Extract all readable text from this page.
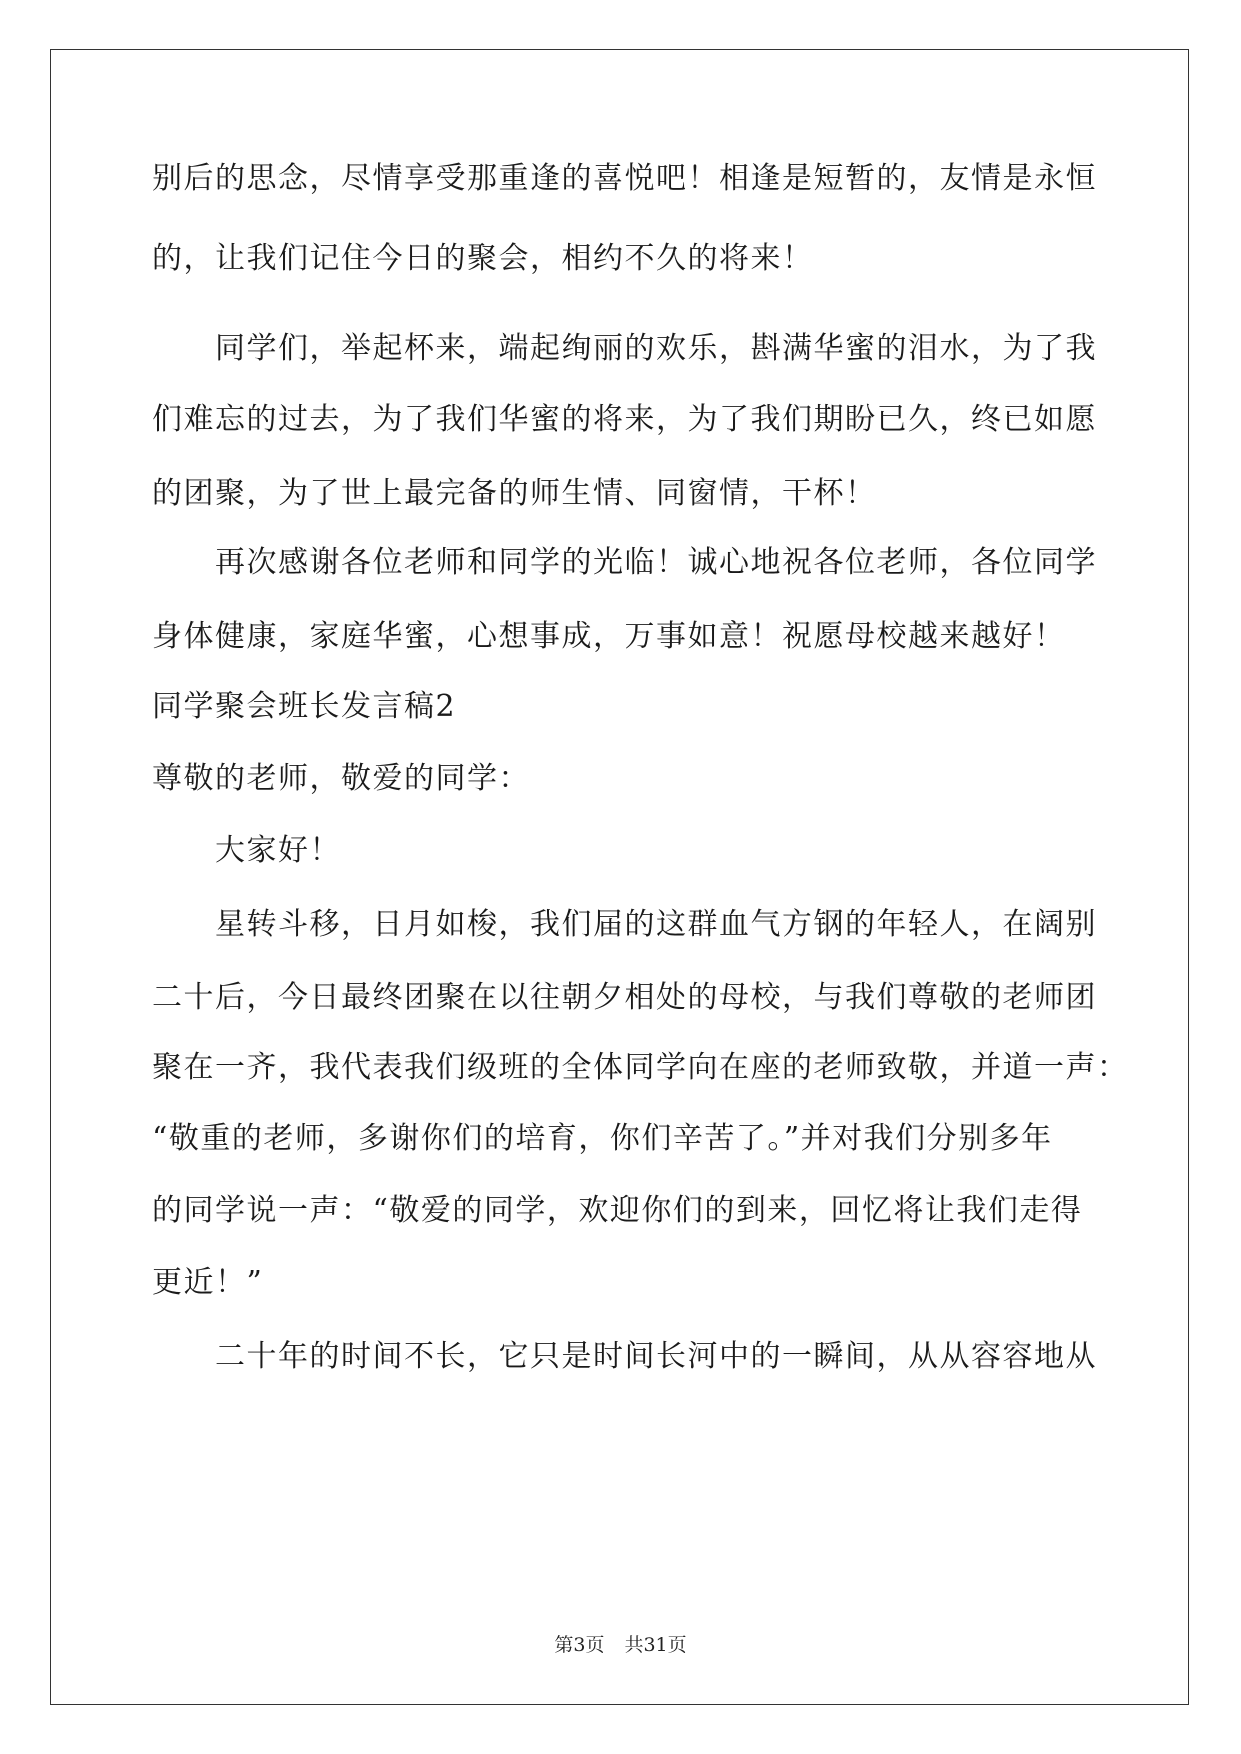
别后的思念，尽情享受那重逢的喜悦吧！相逢是短暂的，友情是永恒

的，让我们记住今日的聚会，相约不久的将来！

同学们，举起杯来，端起绚丽的欢乐，斟满华蜜的泪水，为了我

们难忘的过去，为了我们华蜜的将来，为了我们期盼已久，终已如愿

的团聚，为了世上最完备的师生情、同窗情，干杯！

再次感谢各位老师和同学的光临！诚心地祝各位老师，各位同学

身体健康，家庭华蜜，心想事成，万事如意！祝愿母校越来越好！

同学聚会班长发言稿2

尊敬的老师，敬爱的同学：

大家好！

星转斗移，日月如梭，我们届的这群血气方钢的年轻人，在阔别

二十后，今日最终团聚在以往朝夕相处的母校，与我们尊敬的老师团

聚在一齐，我代表我们级班的全体同学向在座的老师致敬，并道一声：

“敬重的老师，多谢你们的培育，你们辛苦了。”并对我们分别多年

的同学说一声：“敬爱的同学，欢迎你们的到来，回忆将让我们走得

更近！”

二十年的时间不长，它只是时间长河中的一瞬间，从从容容地从

第3页 共31页
